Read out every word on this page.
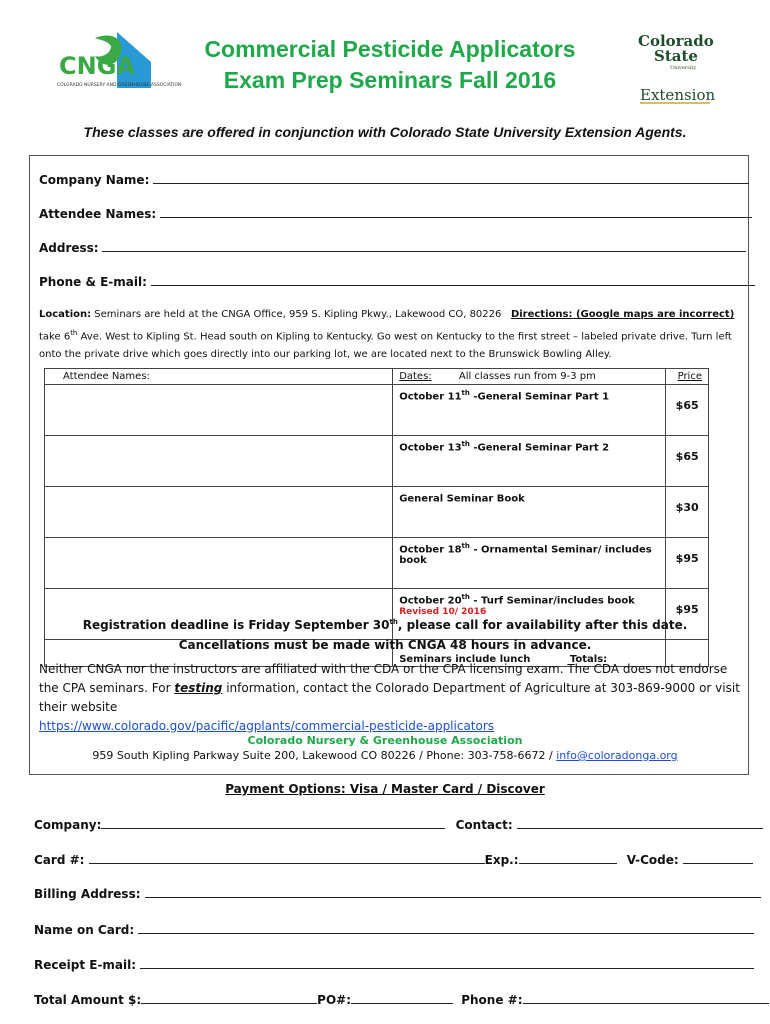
CNGA
COLORADO NURSERY AND GREENHOUSE ASSOCIATION
Commercial Pesticide Applicators
Exam Prep Seminars Fall 2016
Colorado
State
University
Extension
These classes are offered in conjunction with Colorado State University Extension Agents.
Company Name:
Attendee Names:
Address:
Phone & E-mail:
Location: Seminars are held at the CNGA Office, 959 S. Kipling Pkwy., Lakewood CO, 80226 Directions: (Google maps are incorrect)
take 6th Ave. West to Kipling St. Head south on Kipling to Kentucky. Go west on Kentucky to the first street – labeled private drive. Turn left onto the private drive which goes directly into our parking lot, we are located next to the Brunswick Bowling Alley.
Attendee Names:	Dates: All classes run from 9-3 pm	Price
	October 11th -General Seminar Part 1	$65
	October 13th -General Seminar Part 2	$65
	General Seminar Book	$30
	October 18th - Ornamental Seminar/ includes book	$95
	October 20th - Turf Seminar/includes book
Revised 10/ 2016	$95
	Seminars include lunch Totals:	
Registration deadline is Friday September 30th, please call for availability after this date.
Cancellations must be made with CNGA 48 hours in advance.
Neither CNGA nor the instructors are affiliated with the CDA or the CPA licensing exam. The CDA does not endorse the CPA seminars. For testing information, contact the Colorado Department of Agriculture at 303-869-9000 or visit their website
https://www.colorado.gov/pacific/agplants/commercial-pesticide-applicators
Colorado Nursery & Greenhouse Association
959 South Kipling Parkway Suite 200, Lakewood CO 80226 / Phone: 303-758-6672 / info@coloradonga.org
Payment Options: Visa / Master Card / Discover
Company:	Contact:
Card #:	Exp.:	V-Code:
Billing Address:
Name on Card:
Receipt E-mail:
Total Amount $:	PO#:	Phone #:
